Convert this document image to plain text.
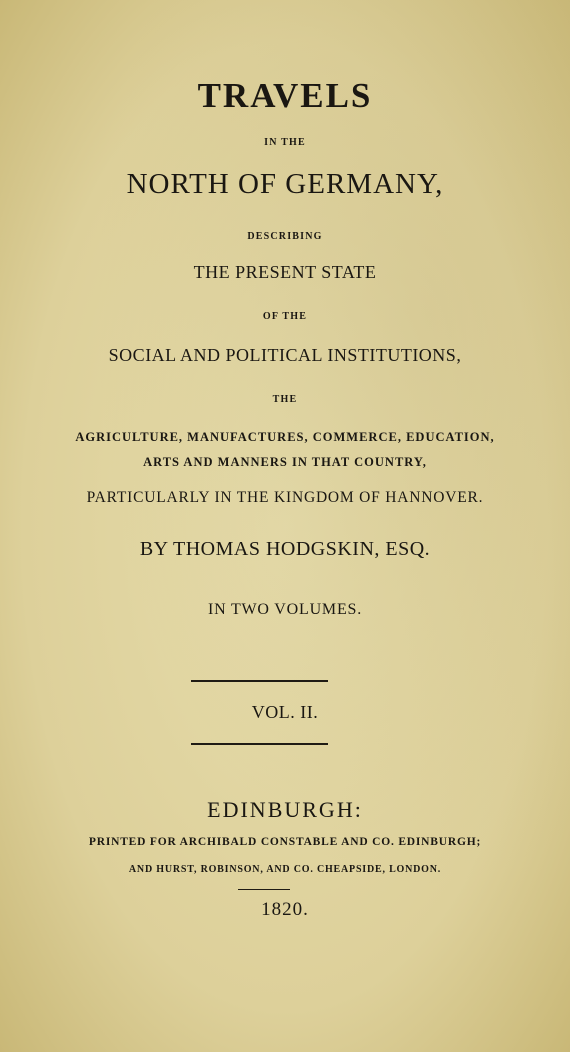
TRAVELS
IN THE
NORTH OF GERMANY,
DESCRIBING
THE PRESENT STATE
OF THE
SOCIAL AND POLITICAL INSTITUTIONS,
THE
AGRICULTURE, MANUFACTURES, COMMERCE, EDUCATION,
ARTS AND MANNERS IN THAT COUNTRY,
PARTICULARLY IN THE KINGDOM OF HANNOVER.
BY THOMAS HODGSKIN, ESQ.
IN TWO VOLUMES.
VOL. II.
EDINBURGH:
PRINTED FOR ARCHIBALD CONSTABLE AND CO. EDINBURGH;
AND HURST, ROBINSON, AND CO. CHEAPSIDE, LONDON.
1820.
